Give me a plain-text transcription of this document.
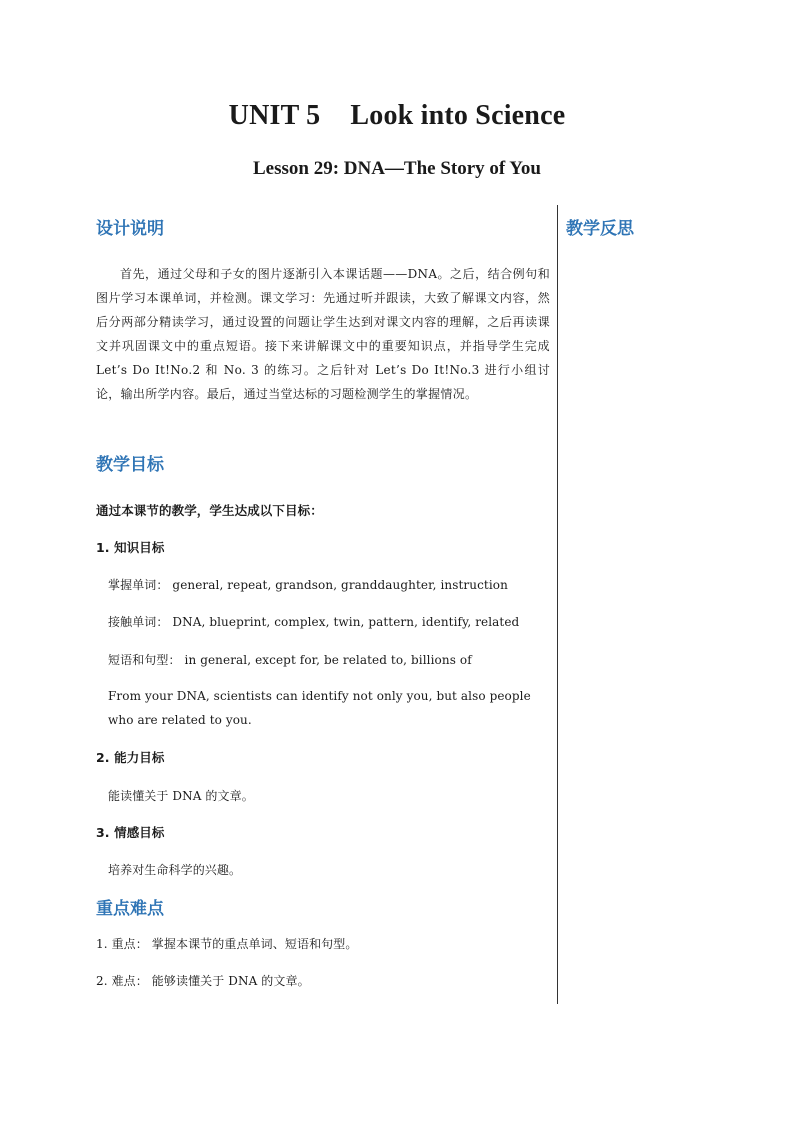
UNIT 5 Look into Science
Lesson 29: DNA—The Story of You
教学反思
设计说明
首先，通过父母和子女的图片逐渐引入本课话题——DNA。之后，结合例句和图片学习本课单词，并检测。课文学习：先通过听并跟读，大致了解课文内容，然后分两部分精读学习，通过设置的问题让学生达到对课文内容的理解，之后再读课文并巩固课文中的重点短语。接下来讲解课文中的重要知识点，并指导学生完成 Let’s Do It!No.2 和 No. 3 的练习。之后针对 Let’s Do It!No.3 进行小组讨论，输出所学内容。最后，通过当堂达标的习题检测学生的掌握情况。
教学目标
通过本课节的教学，学生达成以下目标：
1. 知识目标
掌握单词： general, repeat, grandson, granddaughter, instruction
接触单词： DNA, blueprint, complex, twin, pattern, identify, related
短语和句型： in general, except for, be related to, billions of
From your DNA, scientists can identify not only you, but also people who are related to you.
2. 能力目标
能读懂关于 DNA 的文章。
3. 情感目标
培养对生命科学的兴趣。
重点难点
1. 重点： 掌握本课节的重点单词、短语和句型。
2. 难点： 能够读懂关于 DNA 的文章。
